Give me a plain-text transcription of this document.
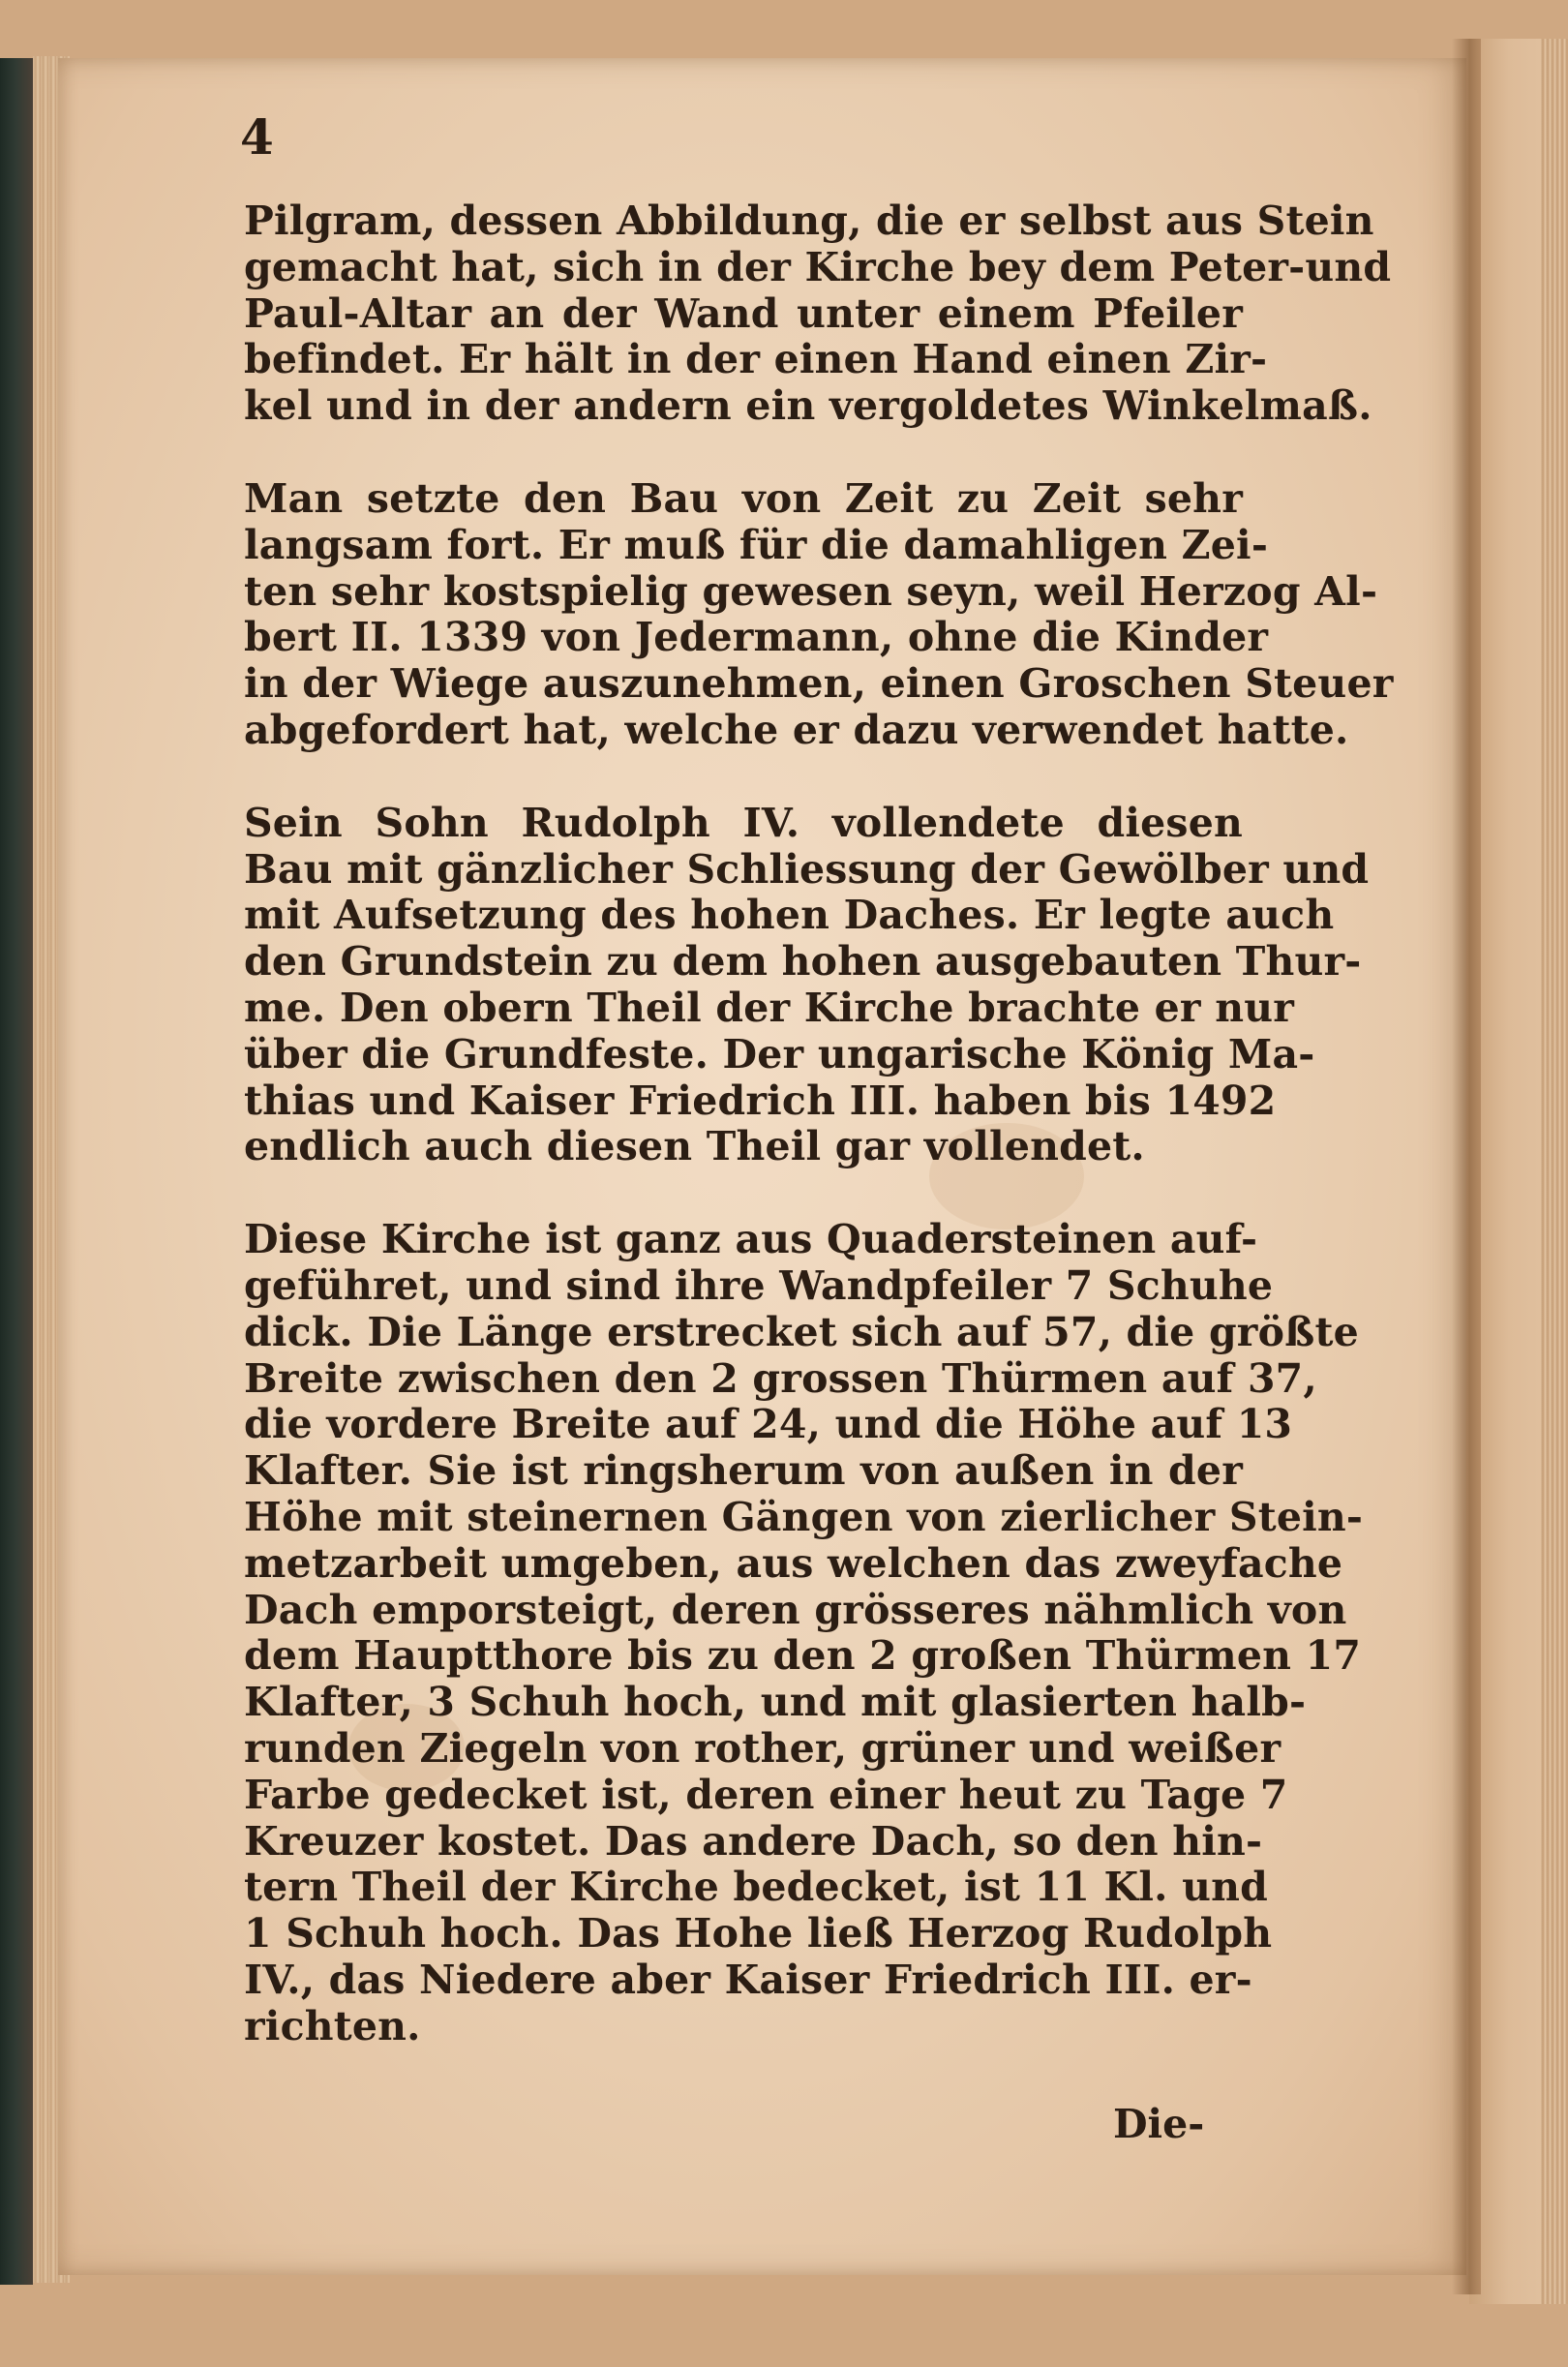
4

Pilgram, dessen Abbildung, die er selbst aus Stein
gemacht hat, sich in der Kirche bey dem Peter-und
Paul-Altar an der Wand unter einem Pfeiler
befindet. Er hält in der einen Hand einen Zir-
kel und in der andern ein vergoldetes Winkelmaß.

Man setzte den Bau von Zeit zu Zeit sehr
langsam fort. Er muß für die damahligen Zei-
ten sehr kostspielig gewesen seyn, weil Herzog Al-
bert II. 1339 von Jedermann, ohne die Kinder
in der Wiege auszunehmen, einen Groschen Steuer
abgefordert hat, welche er dazu verwendet hatte.

Sein Sohn Rudolph IV. vollendete diesen
Bau mit gänzlicher Schliessung der Gewölber und
mit Aufsetzung des hohen Daches. Er legte auch
den Grundstein zu dem hohen ausgebauten Thur-
me. Den obern Theil der Kirche brachte er nur
über die Grundfeste. Der ungarische König Ma-
thias und Kaiser Friedrich III. haben bis 1492
endlich auch diesen Theil gar vollendet.

Diese Kirche ist ganz aus Quadersteinen auf-
geführet, und sind ihre Wandpfeiler 7 Schuhe
dick. Die Länge erstrecket sich auf 57, die größte
Breite zwischen den 2 grossen Thürmen auf 37,
die vordere Breite auf 24, und die Höhe auf 13
Klafter. Sie ist ringsherum von außen in der
Höhe mit steinernen Gängen von zierlicher Stein-
metzarbeit umgeben, aus welchen das zweyfache
Dach emporsteigt, deren grösseres nähmlich von
dem Hauptthore bis zu den 2 großen Thürmen 17
Klafter, 3 Schuh hoch, und mit glasierten halb-
runden Ziegeln von rother, grüner und weißer
Farbe gedecket ist, deren einer heut zu Tage 7
Kreuzer kostet. Das andere Dach, so den hin-
tern Theil der Kirche bedecket, ist 11 Kl. und
1 Schuh hoch. Das Hohe ließ Herzog Rudolph
IV., das Niedere aber Kaiser Friedrich III. er-
richten.

Die-
